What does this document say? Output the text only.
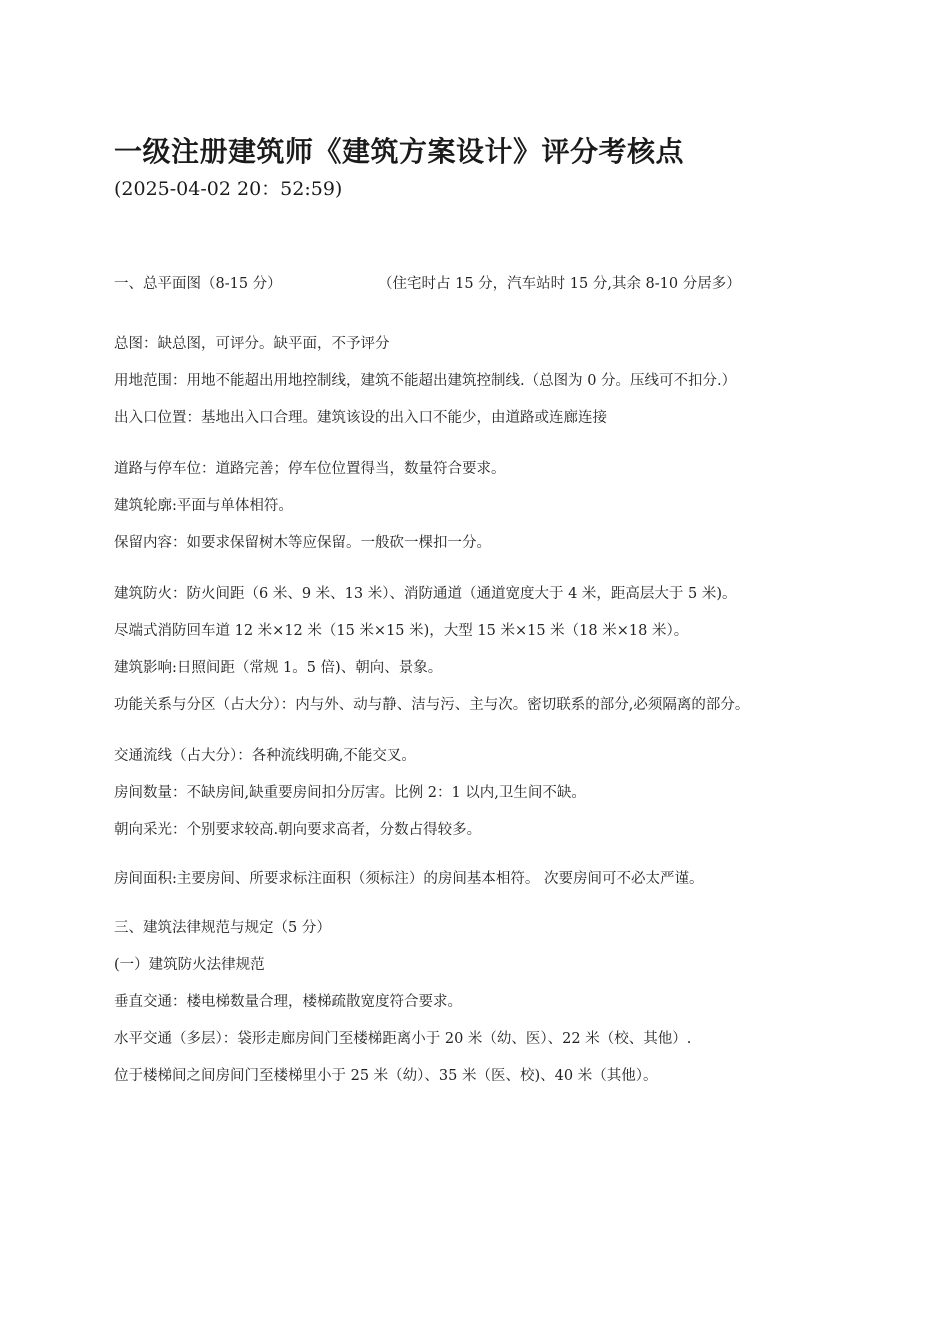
一级注册建筑师《建筑方案设计》评分考核点
(2025-04-02 20：52:59)
一、总平面图（8-15 分）	（住宅时占 15 分，汽车站时 15 分,其余 8-10 分居多）

总图：缺总图，可评分。缺平面，不予评分

用地范围：用地不能超出用地控制线，建筑不能超出建筑控制线.（总图为 0 分。压线可不扣分.）

出入口位置：基地出入口合理。建筑该设的出入口不能少，由道路或连廊连接

道路与停车位：道路完善；停车位位置得当，数量符合要求。

建筑轮廓:平面与单体相符。

保留内容：如要求保留树木等应保留。一般砍一棵扣一分。

建筑防火：防火间距（6 米、9 米、13 米）、消防通道（通道宽度大于 4 米，距高层大于 5 米)。

尽端式消防回车道 12 米×12 米（15 米×15 米)，大型 15 米×15 米（18 米×18 米）。

建筑影响:日照间距（常规 1。5 倍)、朝向、景象。

功能关系与分区（占大分）：内与外、动与静、洁与污、主与次。密切联系的部分,必须隔离的部分。

交通流线（占大分）：各种流线明确,不能交叉。

房间数量：不缺房间,缺重要房间扣分厉害。比例 2：1 以内,卫生间不缺。

朝向采光：个别要求较高.朝向要求高者，分数占得较多。

房间面积:主要房间、所要求标注面积（须标注）的房间基本相符。 次要房间可不必太严谨。

三、建筑法律规范与规定（5 分）

(一）建筑防火法律规范

垂直交通：楼电梯数量合理，楼梯疏散宽度符合要求。

水平交通（多层）：袋形走廊房间门至楼梯距离小于 20 米（幼、医）、22 米（校、其他）.

位于楼梯间之间房间门至楼梯里小于 25 米（幼）、35 米（医、校)、40 米（其他）。
